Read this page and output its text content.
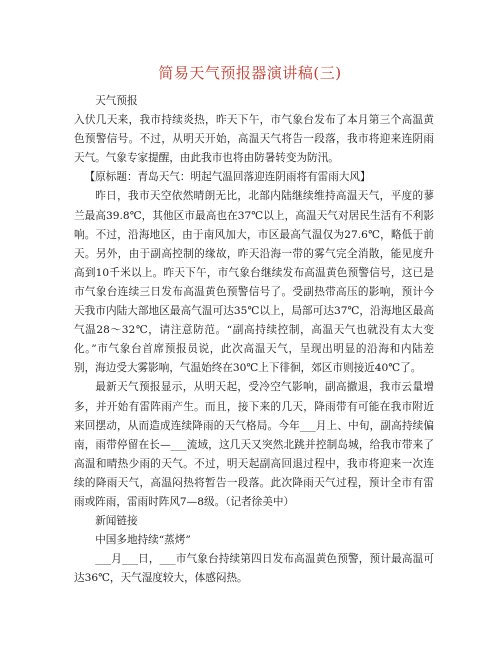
简易天气预报器演讲稿(三)

天气预报

入伏几天来，我市持续炎热，昨天下午，市气象台发布了本月第三个高温黄色预警信号。不过，从明天开始，高温天气将告一段落，我市将迎来连阴雨天气。气象专家提醒，由此我市也将由防暑转变为防汛。

【原标题：青岛天气：明起气温回落迎连阴雨将有雷雨大风】

昨日，我市天空依然晴朗无比，北部内陆继续维持高温天气，平度的蓼兰最高39.8℃，其他区市最高也在37℃以上，高温天气对居民生活有不利影响。不过，沿海地区，由于南风加大，市区最高气温仅为27.6℃，略低于前天。另外，由于副高控制的缘故，昨天沿海一带的雾气完全消散，能见度升高到10千米以上。昨天下午，市气象台继续发布高温黄色预警信号，这已是市气象台连续三日发布高温黄色预警信号了。受副热带高压的影响，预计今天我市内陆大部地区最高气温可达35℃以上，局部可达37℃，沿海地区最高气温28～32℃，请注意防范。“副高持续控制，高温天气也就没有太大变化。”市气象台首席预报员说，此次高温天气，呈现出明显的沿海和内陆差别，海边受大雾影响，气温始终在30℃上下徘徊，郊区市则接近40℃了。

最新天气预报显示，从明天起，受冷空气影响，副高撤退，我市云量增多，并开始有雷阵雨产生。而且，接下来的几天，降雨带有可能在我市附近来回摆动，从而造成连续降雨的天气格局。今年___月上、中旬，副高持续偏南，雨带停留在长—___流域，这几天又突然北跳并控制岛城，给我市带来了高温和晴热少雨的天气。不过，明天起副高回退过程中，我市将迎来一次连续的降雨天气，高温闷热将暂告一段落。此次降雨天气过程，预计全市有雷雨或阵雨，雷雨时阵风7—8级。（记者徐美中）

新闻链接

中国多地持续“蒸烤”

___月___日，___市气象台持续第四日发布高温黄色预警，预计最高温可达36℃，天气湿度较大，体感闷热。
